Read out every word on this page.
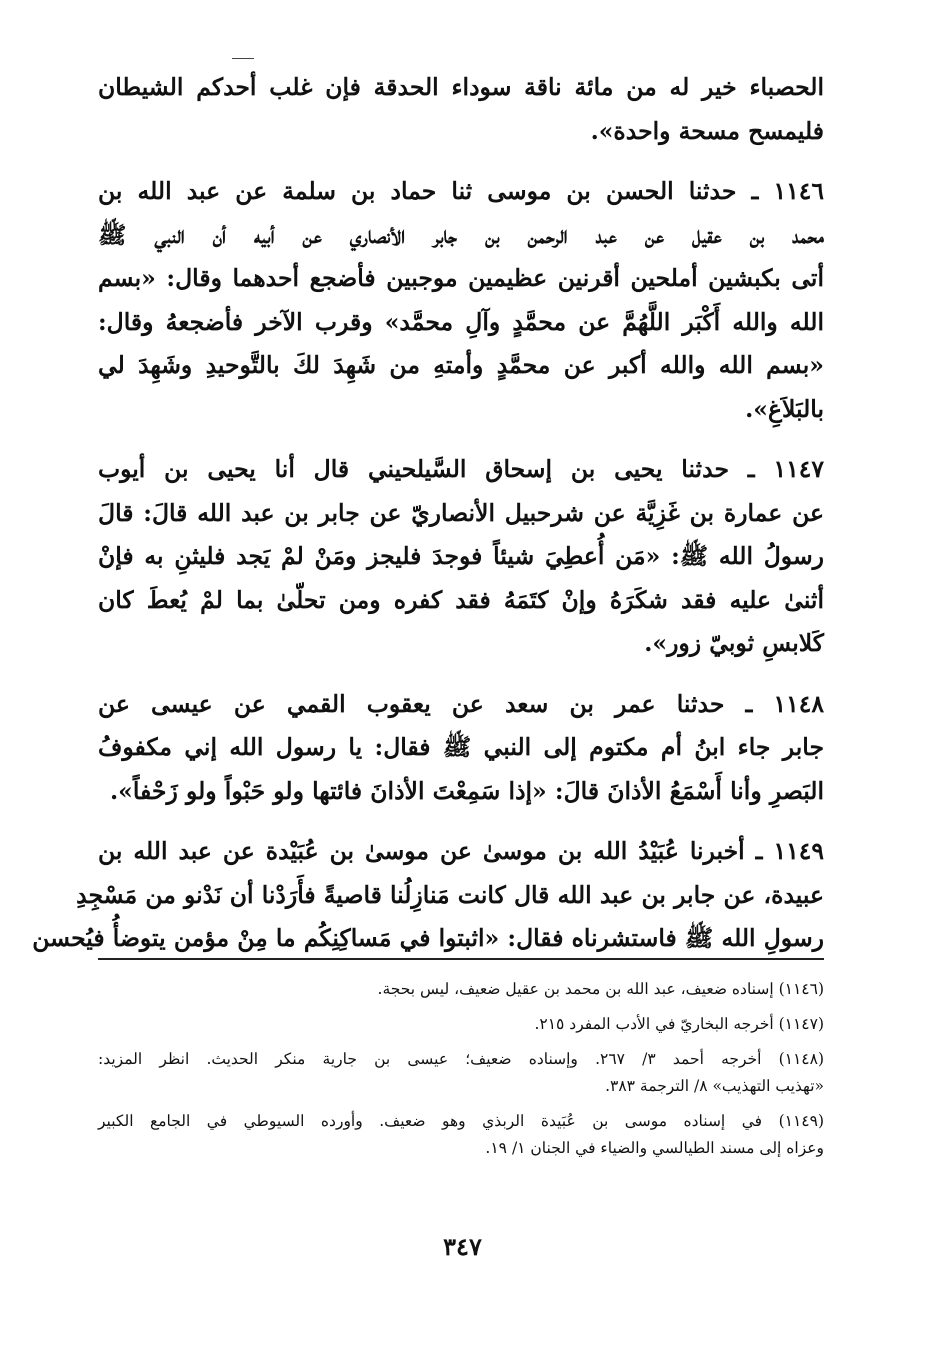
الحصباء خير له من مائة ناقة سوداء الحدقة فإن غلب أحدكم الشيطان
فليمسح مسحة واحدة».
١١٤٦ ـ حدثنا الحسن بن موسى ثنا حماد بن سلمة عن عبد الله بن
محمد بن عقيل عن عبد الرحمن بن جابر الأنصاري عن أبيه أن النبي ﷺ
أتى بكبشين أملحين أقرنين عظيمين موجبين فأضجع أحدهما وقال: «بسم
الله والله أَكْبَر اللَّهُمَّ عن محمَّدٍ وآلِ محمَّد» وقرب الآخر فأضجعهُ وقال:
«بسم الله والله أكبر عن محمَّدٍ وأمتهِ من شَهِدَ لكَ بالتَّوحيدِ وشَهِدَ لي
بالبَلاَغِ».
١١٤٧ ـ حدثنا يحيى بن إسحاق السَّيلحيني قال أنا يحيى بن أيوب
عن عمارة بن غَزِيَّة عن شرحبيل الأنصاريّ عن جابر بن عبد الله قالَ: قالَ
رسولُ الله ﷺ: «مَن أُعطِيَ شيئاً فوجدَ فليجز ومَنْ لمْ يَجد فليثنِ به فإنْ
أثنىٰ عليه فقد شكَرَهُ وإنْ كتَمَهُ فقد كفره ومن تحلّىٰ بما لمْ يُعطَ كان
كَلابسِ ثوبيّ زور».
١١٤٨ ـ حدثنا عمر بن سعد عن يعقوب القمي عن عيسى عن
جابر جاء ابنُ أم مكتوم إلى النبي ﷺ فقال: يا رسول الله إني مكفوفُ
البَصرِ وأنا أَسْمَعُ الأذانَ قالَ: «إذا سَمِعْتَ الأذانَ فائتها ولو حَبْواً ولو زَحْفاً».
١١٤٩ ـ أخبرنا عُبَيْدُ الله بن موسىٰ عن موسىٰ بن عُبَيْدة عن عبد الله بن
عبيدة، عن جابر بن عبد الله قال كانت مَنازِلُنا قاصيةً فأَرَدْنا أن نَدْنو من مَسْجِدِ
رسولِ الله ﷺ فاستشرناه فقال: «اثبتوا في مَساكِنِكُم ما مِنْ مؤمن يتوضأُ فيُحسن
(١١٤٦) إسناده ضعيف، عبد الله بن محمد بن عقيل ضعيف، ليس بحجة.
(١١٤٧) أخرجه البخاريّ في الأدب المفرد ٢١٥.
(١١٤٨) أخرجه أحمد ٣/ ٢٦٧. وإسناده ضعيف؛ عيسى بن جارية منكر الحديث. انظر المزيد:
«تهذيب التهذيب» ٨/ الترجمة ٣٨٣.
(١١٤٩) في إسناده موسى بن عُبَيدة الربذي وهو ضعيف. وأورده السيوطي في الجامع الكبير
وعزاه إلى مسند الطيالسي والضياء في الجنان ١/ ١٩.
٣٤٧
